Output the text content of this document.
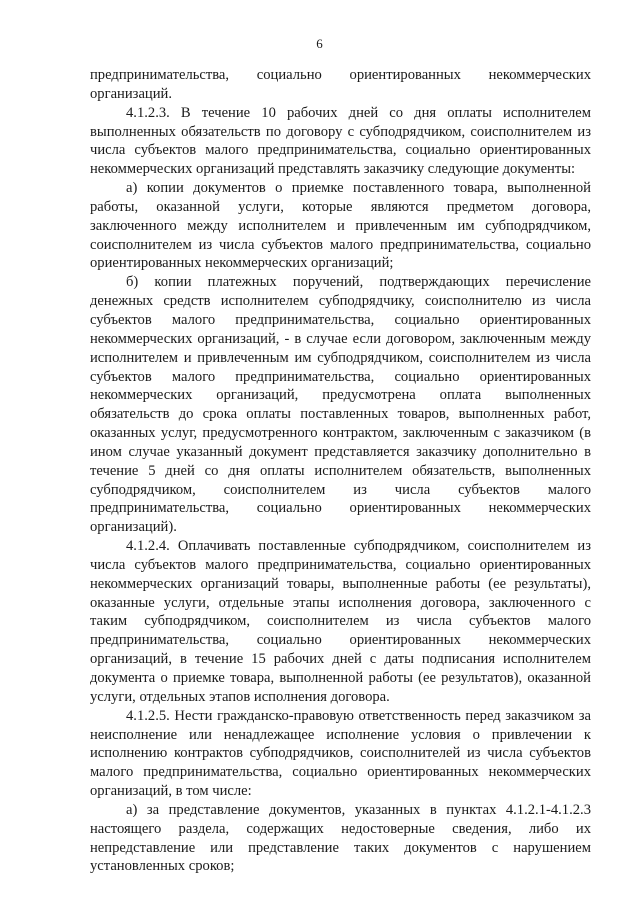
6

предпринимательства, социально ориентированных некоммерческих организаций.

4.1.2.3. В течение 10 рабочих дней со дня оплаты исполнителем выполненных обязательств по договору с субподрядчиком, соисполнителем из числа субъектов малого предпринимательства, социально ориентированных некоммерческих организаций представлять заказчику следующие документы:

а) копии документов о приемке поставленного товара, выполненной работы, оказанной услуги, которые являются предметом договора, заключенного между исполнителем и привлеченным им субподрядчиком, соисполнителем из числа субъектов малого предпринимательства, социально ориентированных некоммерческих организаций;

б) копии платежных поручений, подтверждающих перечисление денежных средств исполнителем субподрядчику, соисполнителю из числа субъектов малого предпринимательства, социально ориентированных некоммерческих организаций, - в случае если договором, заключенным между исполнителем и привлеченным им субподрядчиком, соисполнителем из числа субъектов малого предпринимательства, социально ориентированных некоммерческих организаций, предусмотрена оплата выполненных обязательств до срока оплаты поставленных товаров, выполненных работ, оказанных услуг, предусмотренного контрактом, заключенным с заказчиком (в ином случае указанный документ представляется заказчику дополнительно в течение 5 дней со дня оплаты исполнителем обязательств, выполненных субподрядчиком, соисполнителем из числа субъектов малого предпринимательства, социально ориентированных некоммерческих организаций).

4.1.2.4. Оплачивать поставленные субподрядчиком, соисполнителем из числа субъектов малого предпринимательства, социально ориентированных некоммерческих организаций товары, выполненные работы (ее результаты), оказанные услуги, отдельные этапы исполнения договора, заключенного с таким субподрядчиком, соисполнителем из числа субъектов малого предпринимательства, социально ориентированных некоммерческих организаций, в течение 15 рабочих дней с даты подписания исполнителем документа о приемке товара, выполненной работы (ее результатов), оказанной услуги, отдельных этапов исполнения договора.

4.1.2.5. Нести гражданско-правовую ответственность перед заказчиком за неисполнение или ненадлежащее исполнение условия о привлечении к исполнению контрактов субподрядчиков, соисполнителей из числа субъектов малого предпринимательства, социально ориентированных некоммерческих организаций, в том числе:

а) за представление документов, указанных в пунктах 4.1.2.1-4.1.2.3 настоящего раздела, содержащих недостоверные сведения, либо их непредставление или представление таких документов с нарушением установленных сроков;
